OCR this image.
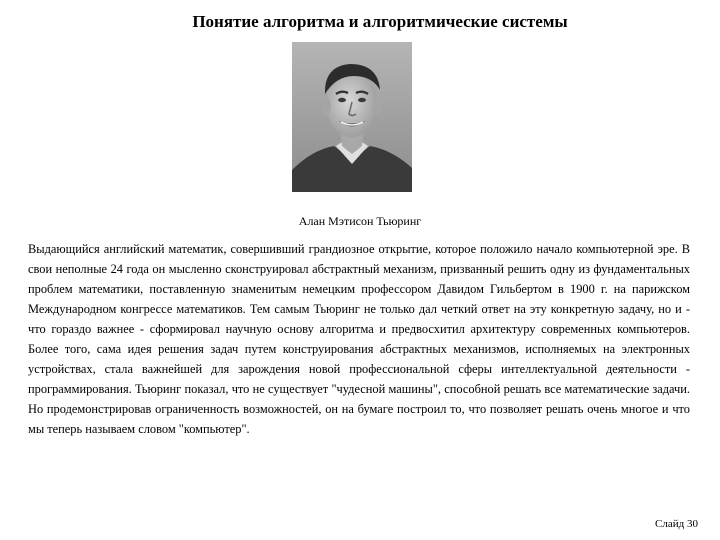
Понятие алгоритма и алгоритмические системы
Алан Мэтисон Тьюринг

Выдающийся английский математик, совершивший грандиозное открытие, которое положило начало компьютерной эре. В свои неполные 24 года он мысленно сконструировал абстрактный механизм, призванный решить одну из фундаментальных проблем математики, поставленную знаменитым немецким профессором Давидом Гильбертом в 1900 г. на парижском Международном конгрессе математиков. Тем самым Тьюринг не только дал четкий ответ на эту конкретную задачу, но и - что гораздо важнее - сформировал научную основу алгоритма и предвосхитил архитектуру современных компьютеров. Более того, сама идея решения задач путем конструирования абстрактных механизмов, исполняемых на электронных устройствах, стала важнейшей для зарождения новой профессиональной сферы интеллектуальной деятельности - программирования. Тьюринг показал, что не существует "чудесной машины", способной решать все математические задачи. Но продемонстрировав ограниченность возможностей, он на бумаге построил то, что позволяет решать очень многое и что мы теперь называем словом "компьютер".

Слайд 30
